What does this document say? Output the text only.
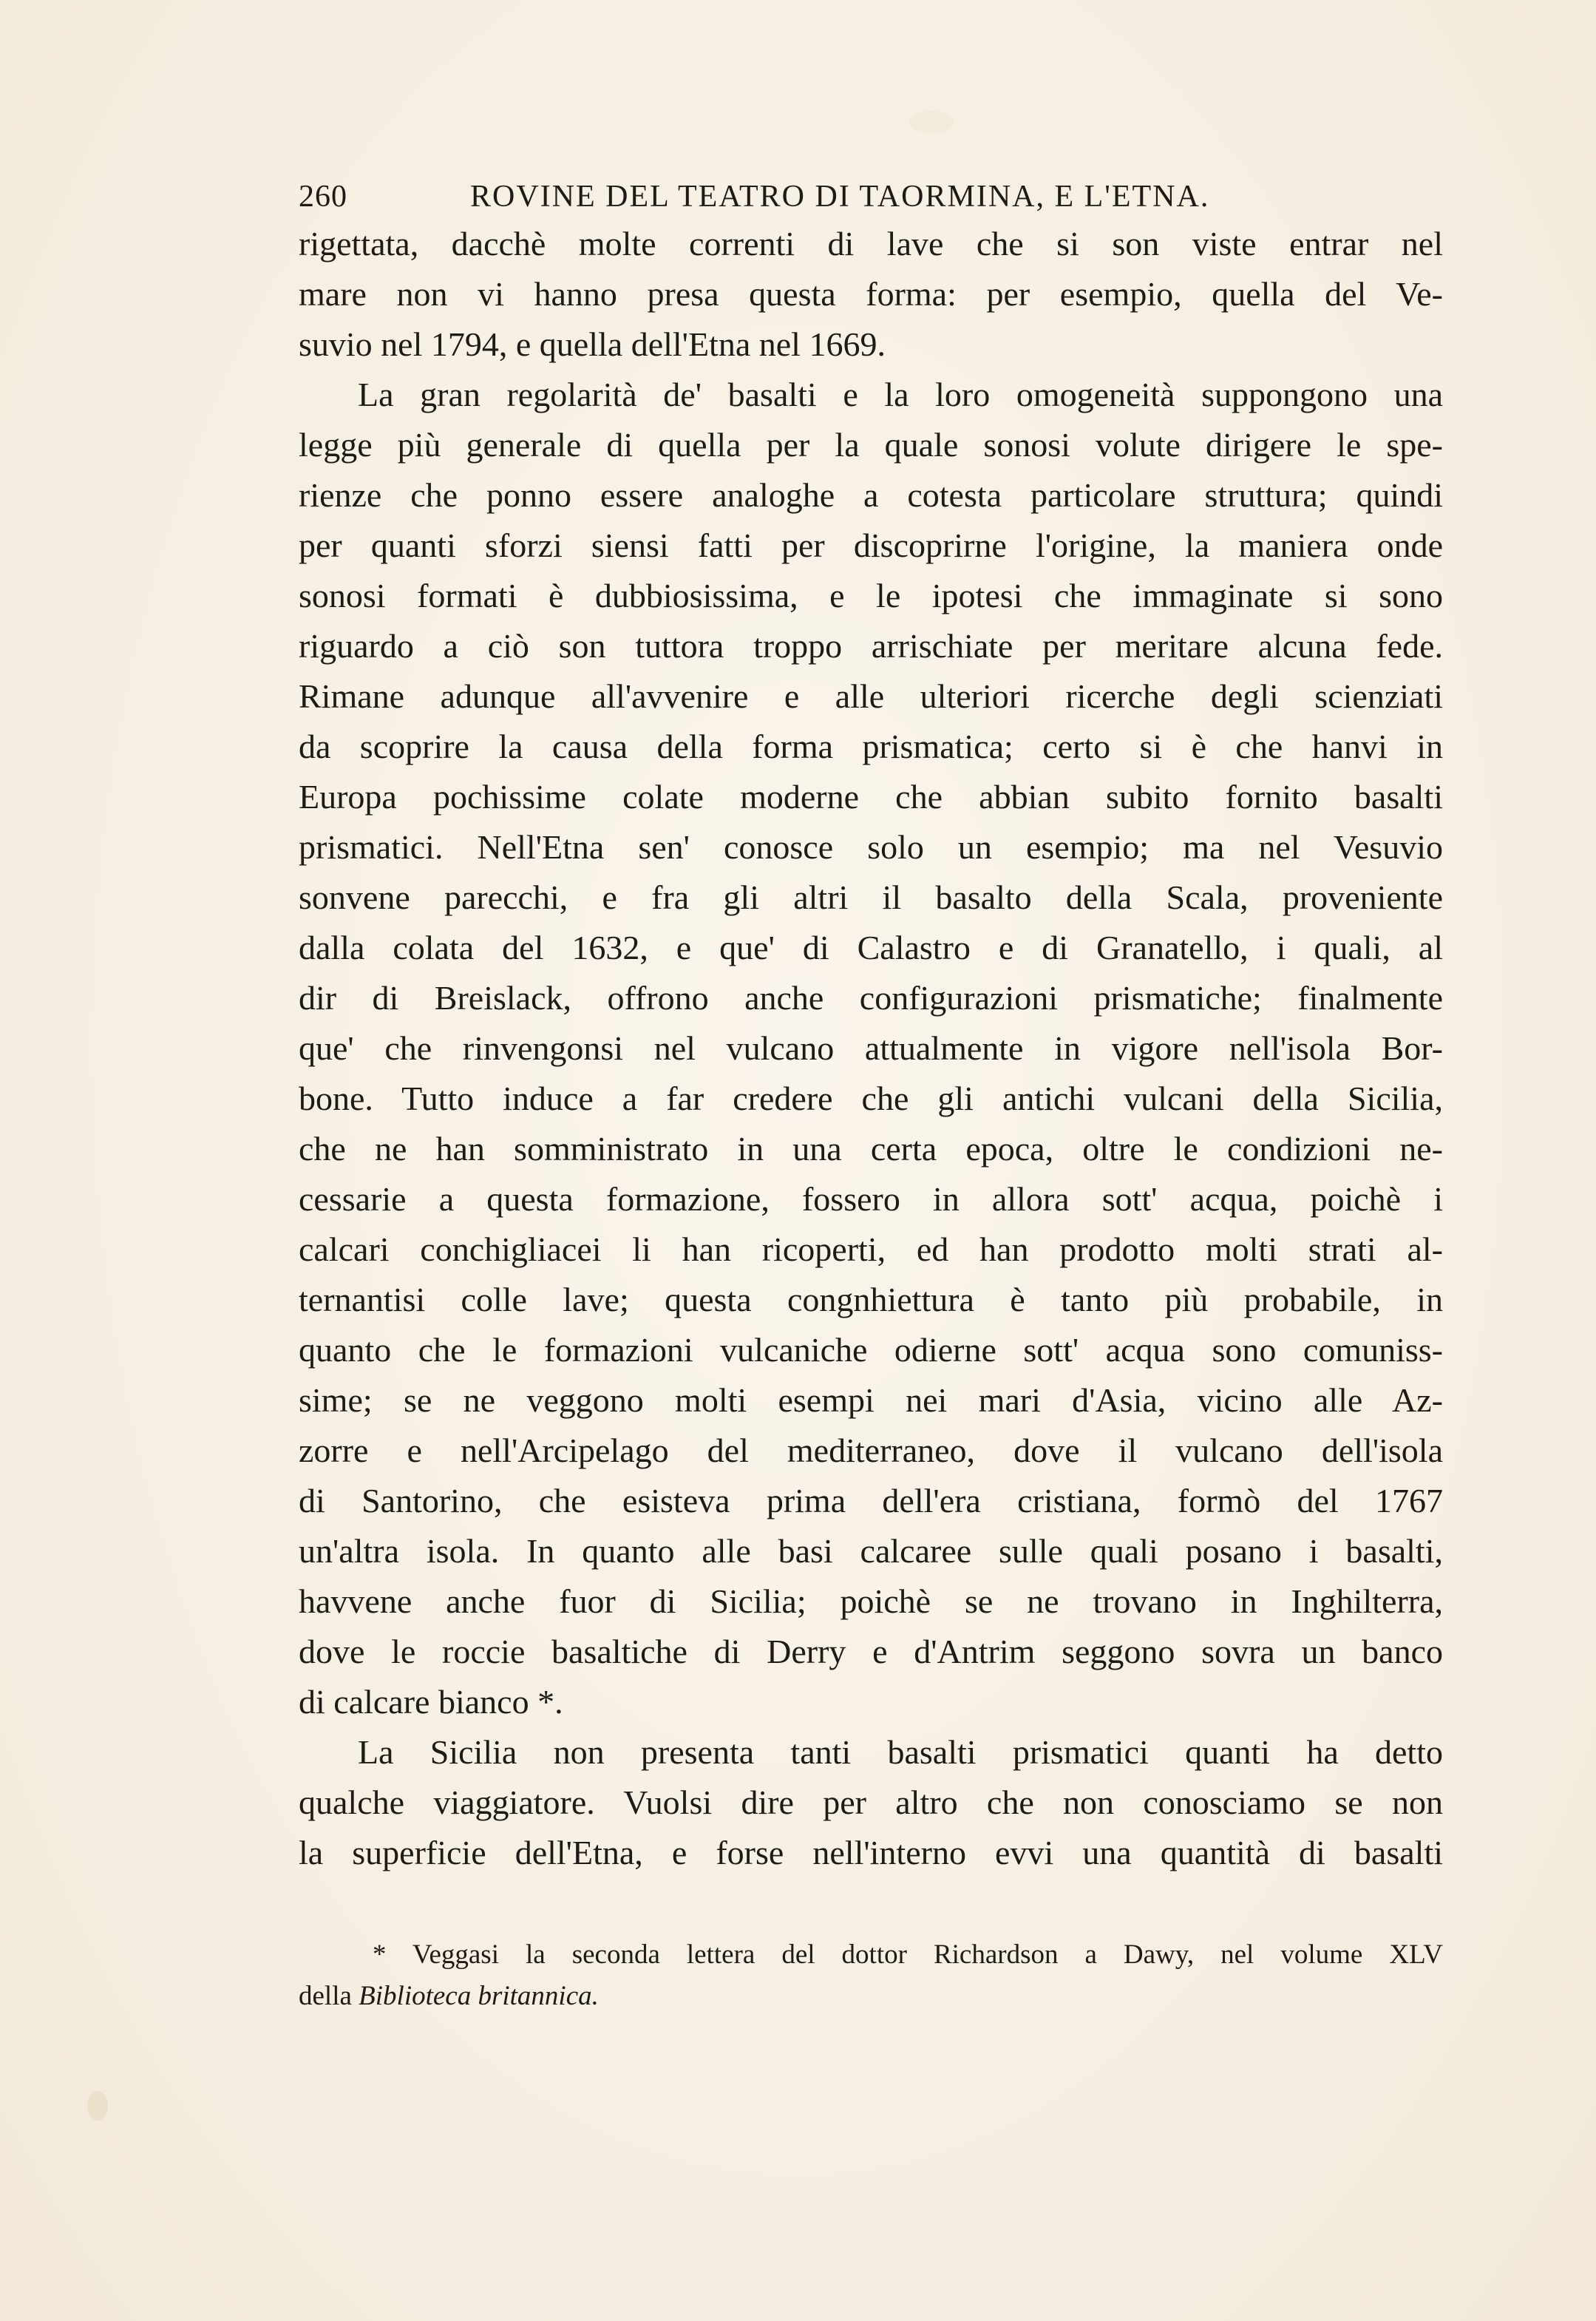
260	ROVINE DEL TEATRO DI TAORMINA, E L'ETNA.
rigettata, dacchè molte correnti di lave che si son viste entrar nel
mare non vi hanno presa questa forma: per esempio, quella del Ve-
suvio nel 1794, e quella dell'Etna nel 1669.
La gran regolarità de' basalti e la loro omogeneità suppongono una
legge più generale di quella per la quale sonosi volute dirigere le spe-
rienze che ponno essere analoghe a cotesta particolare struttura; quindi
per quanti sforzi siensi fatti per discoprirne l'origine, la maniera onde
sonosi formati è dubbiosissima, e le ipotesi che immaginate si sono
riguardo a ciò son tuttora troppo arrischiate per meritare alcuna fede.
Rimane adunque all'avvenire e alle ulteriori ricerche degli scienziati
da scoprire la causa della forma prismatica; certo si è che hanvi in
Europa pochissime colate moderne che abbian subito fornito basalti
prismatici. Nell'Etna sen' conosce solo un esempio; ma nel Vesuvio
sonvene parecchi, e fra gli altri il basalto della Scala, proveniente
dalla colata del 1632, e que' di Calastro e di Granatello, i quali, al
dir di Breislack, offrono anche configurazioni prismatiche; finalmente
que' che rinvengonsi nel vulcano attualmente in vigore nell'isola Bor-
bone. Tutto induce a far credere che gli antichi vulcani della Sicilia,
che ne han somministrato in una certa epoca, oltre le condizioni ne-
cessarie a questa formazione, fossero in allora sott' acqua, poichè i
calcari conchigliacei li han ricoperti, ed han prodotto molti strati al-
ternantisi colle lave; questa congnhiettura è tanto più probabile, in
quanto che le formazioni vulcaniche odierne sott' acqua sono comuniss-
sime; se ne veggono molti esempi nei mari d'Asia, vicino alle Az-
zorre e nell'Arcipelago del mediterraneo, dove il vulcano dell'isola
di Santorino, che esisteva prima dell'era cristiana, formò del 1767
un'altra isola. In quanto alle basi calcaree sulle quali posano i basalti,
havvene anche fuor di Sicilia; poichè se ne trovano in Inghilterra,
dove le roccie basaltiche di Derry e d'Antrim seggono sovra un banco
di calcare bianco *.
La Sicilia non presenta tanti basalti prismatici quanti ha detto
qualche viaggiatore. Vuolsi dire per altro che non conosciamo se non
la superficie dell'Etna, e forse nell'interno evvi una quantità di basalti
* Veggasi la seconda lettera del dottor Richardson a Dawy, nel volume XLV
della Biblioteca britannica.
